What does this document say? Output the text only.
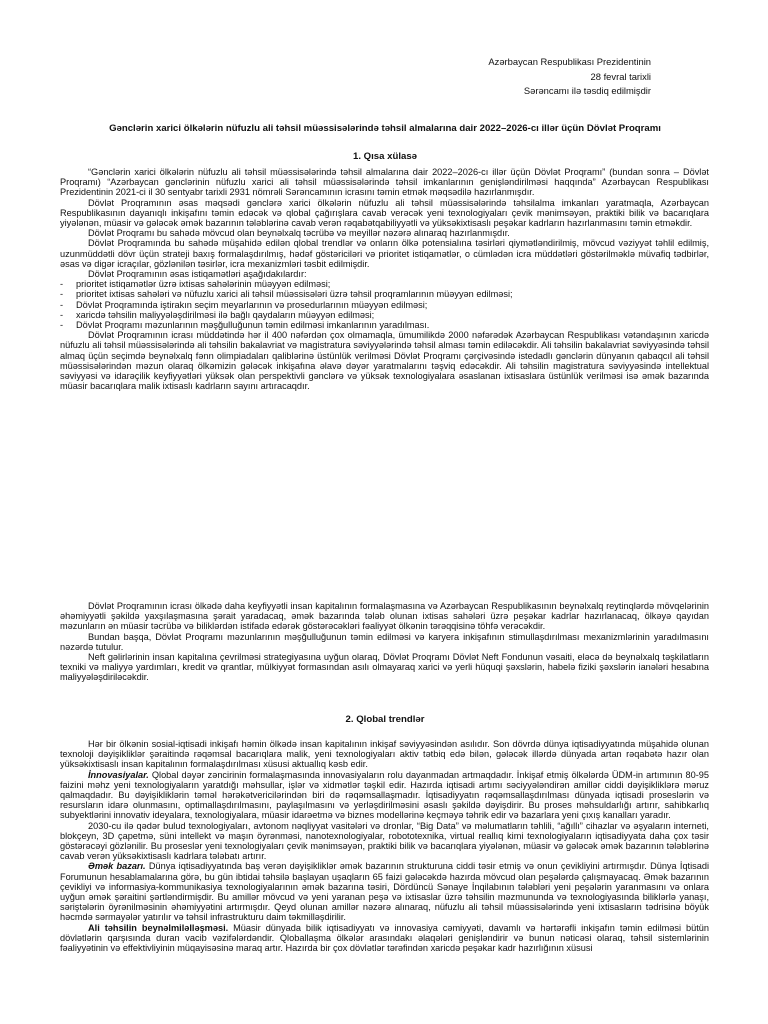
Azərbaycan Respublikası Prezidentinin
28 fevral tarixli
Sərəncamı ilə təsdiq edilmişdir
Gənclərin xarici ölkələrin nüfuzlu ali təhsil müəssisələrində təhsil almalarına dair 2022–2026-cı illər üçün Dövlət Proqramı
1. Qısa xülasə

“Gənclərin xarici ölkələrin nüfuzlu ali təhsil müəssisələrində təhsil almalarına dair 2022–2026-cı illər üçün Dövlət Proqramı” (bundan sonra – Dövlət Proqramı) “Azərbaycan gənclərinin nüfuzlu xarici ali təhsil müəssisələrində təhsil imkanlarının genişləndirilməsi haqqında” Azərbaycan Respublikası Prezidentinin 2021-ci il 30 sentyabr tarixli 2931 nömrəli Sərəncamının icrasını təmin etmək məqsədilə hazırlanmışdır.

Dövlət Proqramının əsas məqsədi gənclərə xarici ölkələrin nüfuzlu ali təhsil müəssisələrində təhsilalma imkanları yaratmaqla, Azərbaycan Respublikasının dayanıqlı inkişafını təmin edəcək və qlobal çağırışlara cavab verəcək yeni texnologiyaları çevik mənimsəyən, praktiki bilik və bacarıqlara yiyələnən, müasir və gələcək əmək bazarının tələblərinə cavab verən rəqabətqabiliyyətli və yüksəkixtisaslı peşəkar kadrların hazırlanmasını təmin etməkdir.

Dövlət Proqramı bu sahədə mövcud olan beynəlxalq təcrübə və meyillər nəzərə alınaraq hazırlanmışdır.

Dövlət Proqramında bu sahədə müşahidə edilən qlobal trendlər və onların ölkə potensialına təsirləri qiymətləndirilmiş, mövcud vəziyyət təhlil edilmiş, uzunmüddətli dövr üçün strateji baxış formalaşdırılmış, hədəf göstəriciləri və prioritet istiqamətlər, o cümlədən icra müddətləri göstərilməklə müvafiq tədbirlər, əsas və digər icraçılar, gözlənilən təsirlər, icra mexanizmləri təsbit edilmişdir.

Dövlət Proqramının əsas istiqamətləri aşağıdakılardır:

- prioritet istiqamətlər üzrə ixtisas sahələrinin müəyyən edilməsi;
- prioritet ixtisas sahələri və nüfuzlu xarici ali təhsil müəssisələri üzrə təhsil proqramlarının müəyyən edilməsi;
- Dövlət Proqramında iştirakın seçim meyarlarının və prosedurlarının müəyyən edilməsi;
- xaricdə təhsilin maliyyələşdirilməsi ilə bağlı qaydaların müəyyən edilməsi;
- Dövlət Proqramı məzunlarının məşğulluğunun təmin edilməsi imkanlarının yaradılması.

Dövlət Proqramının icrası müddətində hər il 400 nəfərdən çox olmamaqla, ümumilikdə 2000 nəfərədək Azərbaycan Respublikası vətəndaşının xaricdə nüfuzlu ali təhsil müəssisələrində ali təhsilin bakalavriat və magistratura səviyyələrində təhsil alması təmin ediləcəkdir. Ali təhsilin bakalavriat səviyyəsində təhsil almaq üçün seçimdə beynəlxalq fənn olimpiadaları qaliblərinə üstünlük verilməsi Dövlət Proqramı çərçivəsində istedadlı gənclərin dünyanın qabaqcıl ali təhsil müəssisələrindən məzun olaraq ölkəmizin gələcək inkişafına əlavə dəyər yaratmalarını təşviq edəcəkdir. Ali təhsilin magistratura səviyyəsində intellektual səviyyəsi və idarəçilik keyfiyyətləri yüksək olan perspektivli gənclərə və yüksək texnologiyalara əsaslanan ixtisaslara üstünlük verilməsi isə əmək bazarında müasir bacarıqlara malik ixtisaslı kadrların sayını artıracaqdır.

Dövlət Proqramının icrası ölkədə daha keyfiyyətli insan kapitalının formalaşmasına və Azərbaycan Respublikasının beynəlxalq reytinqlərdə mövqelərinin əhəmiyyətli şəkildə yaxşılaşmasına şərait yaradacaq, əmək bazarında tələb olunan ixtisas sahələri üzrə peşəkar kadrlar hazırlanacaq, ölkəyə qayıdan məzunların ən müasir təcrübə və biliklərdən istifadə edərək göstərəcəkləri fəaliyyət ölkənin tərəqqisinə töhfə verəcəkdir.

Bundan başqa, Dövlət Proqramı məzunlarının məşğulluğunun təmin edilməsi və karyera inkişafının stimullaşdırılması mexanizmlərinin yaradılmasını nəzərdə tutulur.

Neft gəlirlərinin insan kapitalına çevrilməsi strategiyasına uyğun olaraq, Dövlət Proqramı Dövlət Neft Fondunun vəsaiti, eləcə də beynəlxalq təşkilatların texniki və maliyyə yardımları, kredit və qrantlar, mülkiyyət formasından asılı olmayaraq xarici və yerli hüquqi şəxslərin, habelə fiziki şəxslərin ianələri hesabına maliyyələşdiriləcəkdir.

2. Qlobal trendlər

Hər bir ölkənin sosial-iqtisadi inkişafı həmin ölkədə insan kapitalının inkişaf səviyyəsindən asılıdır. Son dövrdə dünya iqtisadiyyatında müşahidə olunan texnoloji dəyişikliklər şəraitində rəqəmsal bacarıqlara malik, yeni texnologiyaları aktiv tətbiq edə bilən, gələcək illərdə dünyada artan rəqabətə hazır olan yüksəkixtisaslı insan kapitalının formalaşdırılması xüsusi aktuallıq kəsb edir.

İnnovasiyalar. Qlobal dəyər zəncirinin formalaşmasında innovasiyaların rolu dayanmadan artmaqdadır. İnkişaf etmiş ölkələrdə ÜDM-in artımının 80-95 faizini məhz yeni texnologiyaların yaratdığı məhsullar, işlər və xidmətlər təşkil edir. Hazırda iqtisadi artımı səciyyələndirən amillər ciddi dəyişikliklərə məruz qalmaqdadır. Bu dəyişikliklərin təməl hərəkətvericilərindən biri də rəqəmsallaşmadır. İqtisadiyyatın rəqəmsallaşdırılması dünyada iqtisadi proseslərin və resursların idarə olunmasını, optimallaşdırılmasını, paylaşılmasını və yerləşdirilməsini əsaslı şəkildə dəyişdirir. Bu proses məhsuldarlığı artırır, sahibkarlıq subyektlərini innovativ ideyalara, texnologiyalara, müasir idarəetmə və biznes modellərinə keçməyə təhrik edir və bazarlara yeni çıxış kanalları yaradır.

2030-cu ilə qədər bulud texnologiyaları, avtonom nəqliyyat vasitələri və dronlar, “Big Data” və məlumatların təhlili, “ağıllı” cihazlar və əşyaların interneti, blokçeyn, 3D çapetmə, süni intellekt və maşın öyrənməsi, nanotexnologiyalar, robototexnika, virtual reallıq kimi texnologiyaların iqtisadiyyata daha çox təsir göstərəcəyi gözlənilir. Bu proseslər yeni texnologiyaları çevik mənimsəyən, praktiki bilik və bacarıqlara yiyələnən, müasir və gələcək əmək bazarının tələblərinə cavab verən yüksəkixtisaslı kadrlara tələbatı artırır.

Əmək bazarı. Dünya iqtisadiyyatında baş verən dəyişikliklər əmək bazarının strukturuna ciddi təsir etmiş və onun çevikliyini artırmışdır. Dünya İqtisadi Forumunun hesablamalarına görə, bu gün ibtidai təhsilə başlayan uşaqların 65 faizi gələcəkdə hazırda mövcud olan peşələrdə çalışmayacaq. Əmək bazarının çevikliyi və informasiya-kommunikasiya texnologiyalarının əmək bazarına təsiri, Dördüncü Sənaye İnqilabının tələbləri yeni peşələrin yaranmasını və onlara uyğun əmək şəraitini şərtləndirmişdir. Bu amillər mövcud və yeni yaranan peşə və ixtisaslar üzrə təhsilin məzmununda və texnologiyasında biliklərlə yanaşı, səriştələrin öyrənilməsinin əhəmiyyətini artırmışdır. Qeyd olunan amillər nəzərə alınaraq, nüfuzlu ali təhsil müəssisələrində yeni ixtisasların tədrisinə böyük həcmdə sərmayələr yatırılır və təhsil infrastrukturu daim təkmilləşdirilir.

Ali təhsilin beynəlmiləlləşməsi. Müasir dünyada bilik iqtisadiyyatı və innovasiya cəmiyyəti, davamlı və hərtərəfli inkişafın təmin edilməsi bütün dövlətlərin qarşısında duran vacib vəzifələrdəndir. Qloballaşma ölkələr arasındakı əlaqələri genişləndirir və bunun nəticəsi olaraq, təhsil sistemlərinin fəaliyyətinin və effektivliyinin müqayisəsinə maraq artır. Hazırda bir çox dövlətlər tərəfindən xaricdə peşəkar kadr hazırlığının xüsusi
